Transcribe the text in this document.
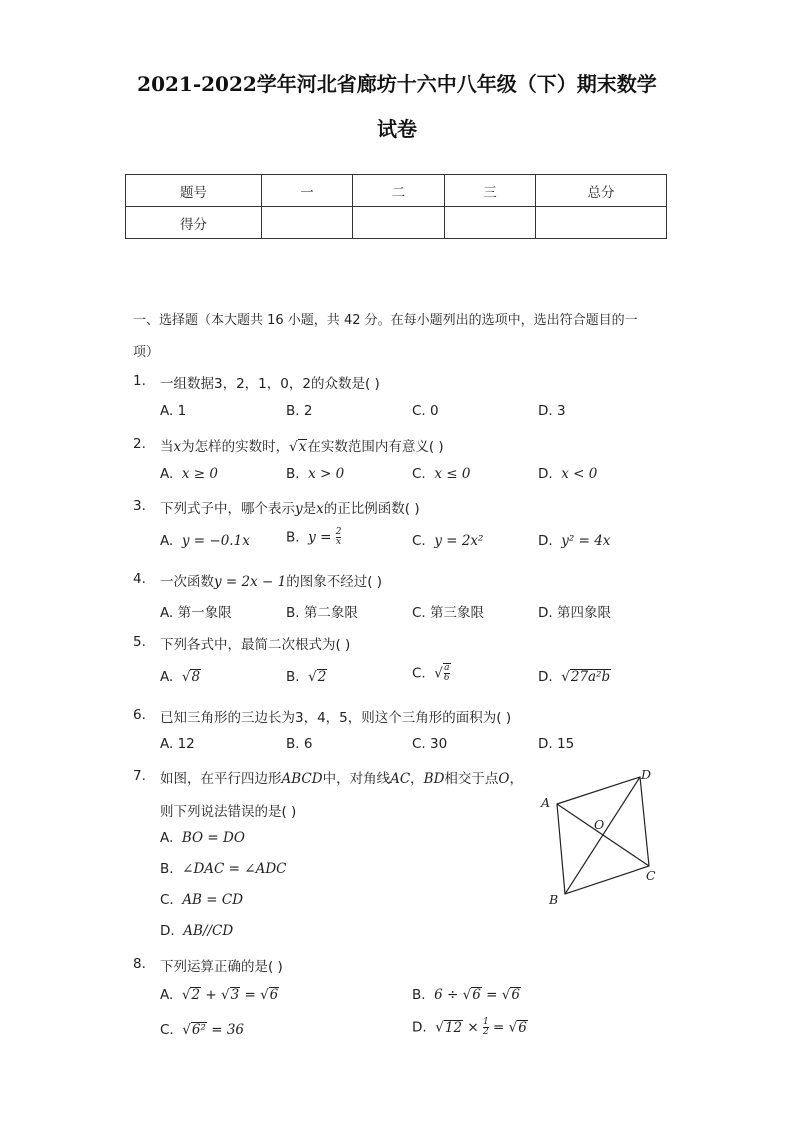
2021-2022学年河北省廊坊十六中八年级（下）期末数学
试卷
题号	一	二	三	总分
得分				
一、选择题（本大题共 16 小题，共 42 分。在每小题列出的选项中，选出符合题目的一
项）
1.	一组数据3，2，1，0，2的众数是( )
A. 1	B. 2	C. 0	D. 3
2.	当x为怎样的实数时，√x在实数范围内有意义( )
A. x ≥ 0	B. x > 0	C. x ≤ 0	D. x < 0
3.	下列式子中，哪个表示y是x的正比例函数( )
A. y = −0.1x	B. $y = \frac{2}{x}$	C. y = 2x²	D. y² = 4x
4.	一次函数y = 2x − 1的图象不经过( )
A. 第一象限	B. 第二象限	C. 第三象限	D. 第四象限
5.	下列各式中，最简二次根式为( )
A.  √8	B.  √2	C.  √ $\frac{a}{6}$	D.  √27a²b
6.	已知三角形的三边长为3，4，5，则这个三角形的面积为( )
A. 12	B. 6	C. 30	D. 15
7.	如图，在平行四边形ABCD中，对角线AC，BD相交于点O，
则下列说法错误的是( )
A. BO = DO
B. ∠DAC = ∠ADC
C. AB = CD
D. AB//CD
A
B
C
D
O
8.	下列运算正确的是( )
A.  √2 + √3 = √6	B. 6 ÷ √6 = √6
C.  √6² = 36	D.  $√12 \times \frac{1}{2} = √6$
